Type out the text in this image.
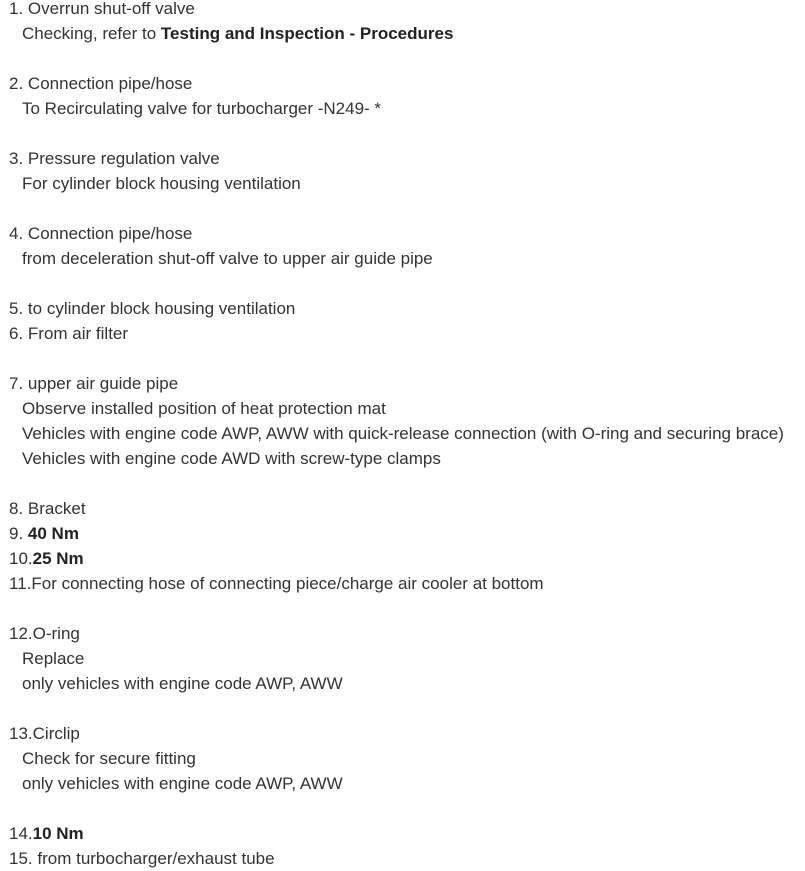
1. Overrun shut-off valve
Checking, refer to Testing and Inspection - Procedures
2. Connection pipe/hose
To Recirculating valve for turbocharger -N249- *
3. Pressure regulation valve
For cylinder block housing ventilation
4. Connection pipe/hose
from deceleration shut-off valve to upper air guide pipe
5. to cylinder block housing ventilation
6. From air filter
7. upper air guide pipe
Observe installed position of heat protection mat
Vehicles with engine code AWP, AWW with quick-release connection (with O-ring and securing brace)
Vehicles with engine code AWD with screw-type clamps
8. Bracket
9. 40 Nm
10.25 Nm
11.For connecting hose of connecting piece/charge air cooler at bottom
12.O-ring
Replace
only vehicles with engine code AWP, AWW
13.Circlip
Check for secure fitting
only vehicles with engine code AWP, AWW
14.10 Nm
15. from turbocharger/exhaust tube
